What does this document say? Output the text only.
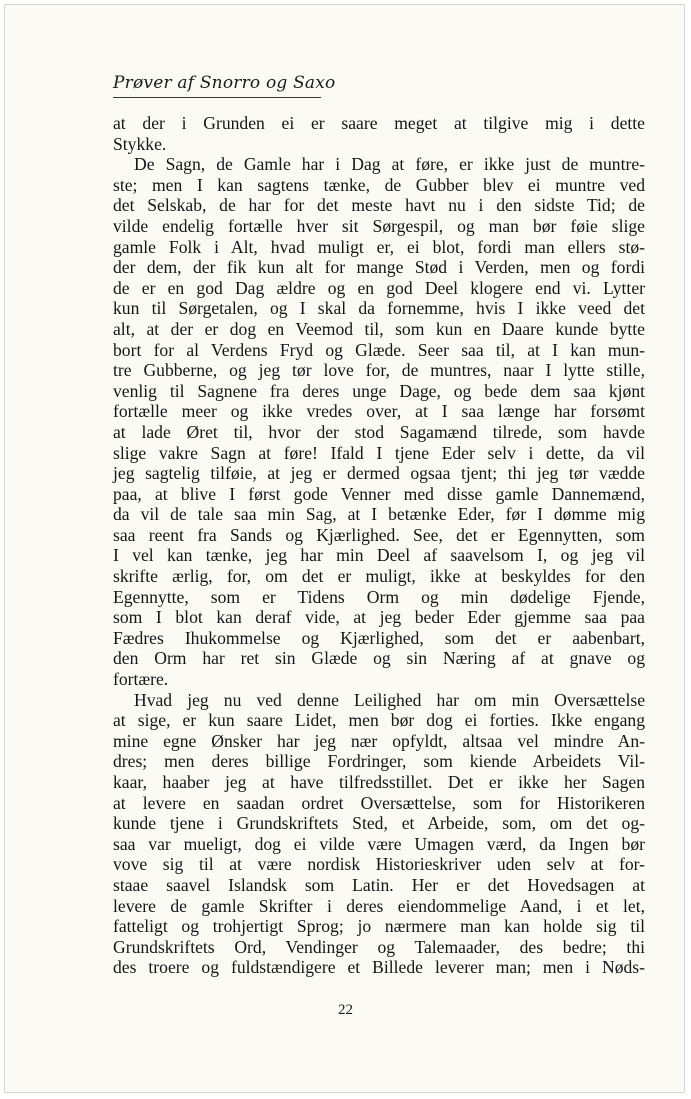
Prøver af Snorro og Saxo
at der i Grunden ei er saare meget at tilgive mig i dette
Stykke.
De Sagn, de Gamle har i Dag at føre, er ikke just de muntre-
ste; men I kan sagtens tænke, de Gubber blev ei muntre ved
det Selskab, de har for det meste havt nu i den sidste Tid; de
vilde endelig fortælle hver sit Sørgespil, og man bør føie slige
gamle Folk i Alt, hvad muligt er, ei blot, fordi man ellers stø-
der dem, der fik kun alt for mange Stød i Verden, men og fordi
de er en god Dag ældre og en god Deel klogere end vi. Lytter
kun til Sørgetalen, og I skal da fornemme, hvis I ikke veed det
alt, at der er dog en Veemod til, som kun en Daare kunde bytte
bort for al Verdens Fryd og Glæde. Seer saa til, at I kan mun-
tre Gubberne, og jeg tør love for, de muntres, naar I lytte stille,
venlig til Sagnene fra deres unge Dage, og bede dem saa kjønt
fortælle meer og ikke vredes over, at I saa længe har forsømt
at lade Øret til, hvor der stod Sagamænd tilrede, som havde
slige vakre Sagn at føre! Ifald I tjene Eder selv i dette, da vil
jeg sagtelig tilføie, at jeg er dermed ogsaa tjent; thi jeg tør vædde
paa, at blive I først gode Venner med disse gamle Dannemænd,
da vil de tale saa min Sag, at I betænke Eder, før I dømme mig
saa reent fra Sands og Kjærlighed. See, det er Egennytten, som
I vel kan tænke, jeg har min Deel af saavelsom I, og jeg vil
skrifte ærlig, for, om det er muligt, ikke at beskyldes for den
Egennytte, som er Tidens Orm og min dødelige Fjende,
som I blot kan deraf vide, at jeg beder Eder gjemme saa paa
Fædres Ihukommelse og Kjærlighed, som det er aabenbart,
den Orm har ret sin Glæde og sin Næring af at gnave og
fortære.
Hvad jeg nu ved denne Leilighed har om min Oversættelse
at sige, er kun saare Lidet, men bør dog ei forties. Ikke engang
mine egne Ønsker har jeg nær opfyldt, altsaa vel mindre An-
dres; men deres billige Fordringer, som kiende Arbeidets Vil-
kaar, haaber jeg at have tilfredsstillet. Det er ikke her Sagen
at levere en saadan ordret Oversættelse, som for Historikeren
kunde tjene i Grundskriftets Sted, et Arbeide, som, om det og-
saa var mueligt, dog ei vilde være Umagen værd, da Ingen bør
vove sig til at være nordisk Historieskriver uden selv at for-
staae saavel Islandsk som Latin. Her er det Hovedsagen at
levere de gamle Skrifter i deres eiendommelige Aand, i et let,
fatteligt og trohjertigt Sprog; jo nærmere man kan holde sig til
Grundskriftets Ord, Vendinger og Talemaader, des bedre; thi
des troere og fuldstændigere et Billede leverer man; men i Nøds-
22
